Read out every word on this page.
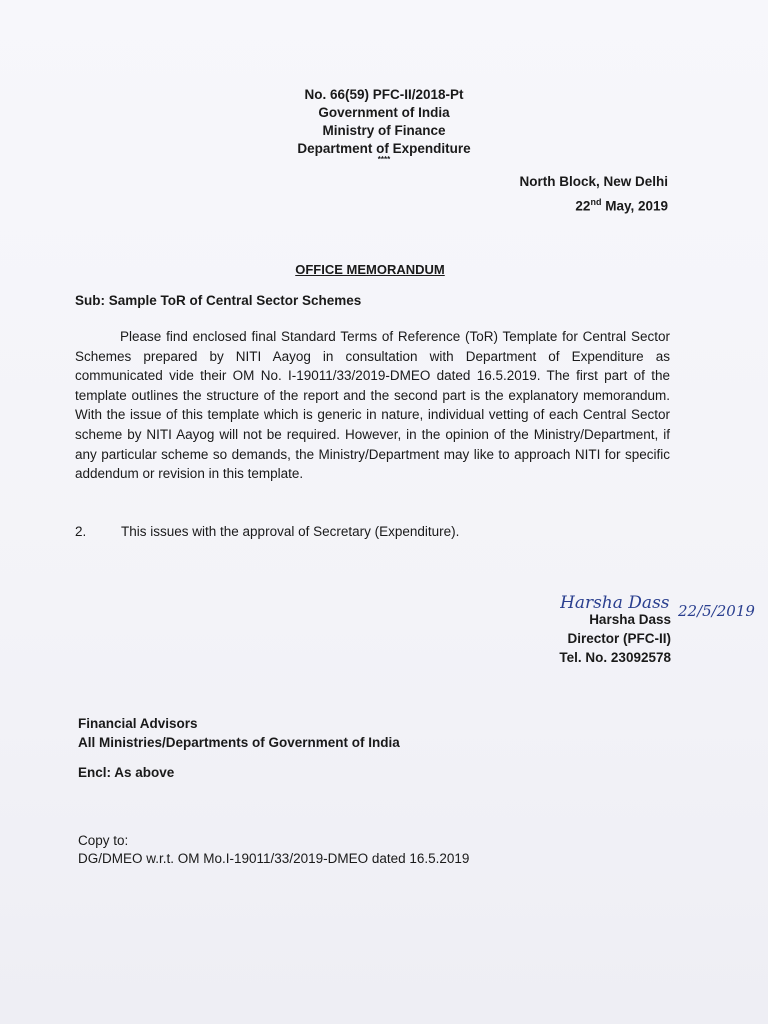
No. 66(59) PFC-II/2018-Pt
Government of India
Ministry of Finance
Department of Expenditure
****
North Block, New Delhi
22nd May, 2019
OFFICE MEMORANDUM
Sub: Sample ToR of Central Sector Schemes
Please find enclosed final Standard Terms of Reference (ToR) Template for Central Sector Schemes prepared by NITI Aayog in consultation with Department of Expenditure as communicated vide their OM No. I-19011/33/2019-DMEO dated 16.5.2019. The first part of the template outlines the structure of the report and the second part is the explanatory memorandum. With the issue of this template which is generic in nature, individual vetting of each Central Sector scheme by NITI Aayog will not be required. However, in the opinion of the Ministry/Department, if any particular scheme so demands, the Ministry/Department may like to approach NITI for specific addendum or revision in this template.
2.	This issues with the approval of Secretary (Expenditure).
Harsha Dass 22/5/2019
Harsha Dass
Director (PFC-II)
Tel. No. 23092578
Financial Advisors
All Ministries/Departments of Government of India
Encl: As above
Copy to:
DG/DMEO w.r.t. OM Mo.I-19011/33/2019-DMEO dated 16.5.2019
